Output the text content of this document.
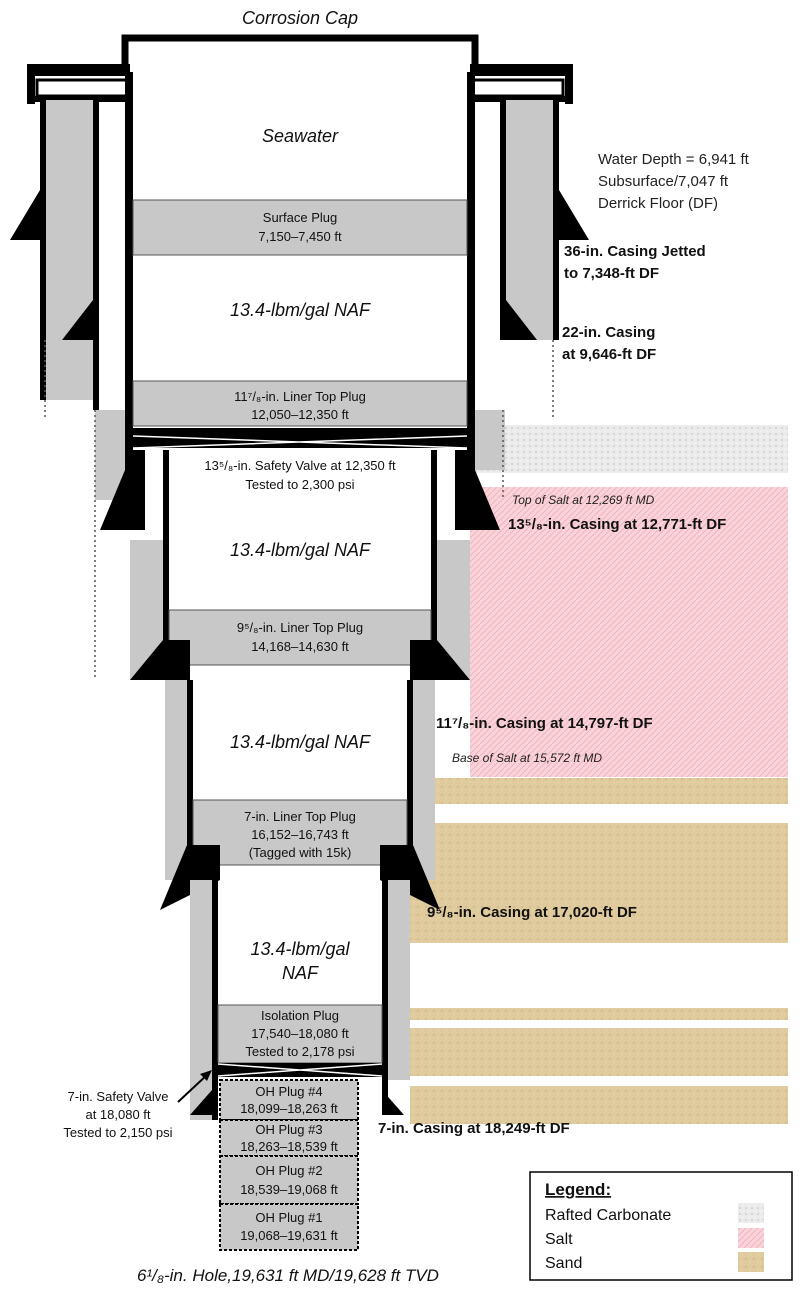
Corrosion Cap
Water Depth = 6,941 ft
Subsurface/7,047 ft
Derrick Floor (DF)
Seawater
13.4-lbm/gal NAF
13.4-lbm/gal NAF
13.4-lbm/gal NAF
13.4-lbm/gal
NAF
Surface Plug
7,150–7,450 ft
11⁷/₈-in. Liner Top Plug
12,050–12,350 ft
13⁵/₈-in. Safety Valve at 12,350 ft
Tested to 2,300 psi
9⁵/₈-in. Liner Top Plug
14,168–14,630 ft
7-in. Liner Top Plug
16,152–16,743 ft
(Tagged with 15k)
Isolation Plug
17,540–18,080 ft
Tested to 2,178 psi
OH Plug #4
18,099–18,263 ft
OH Plug #3
18,263–18,539 ft
OH Plug #2
18,539–19,068 ft
OH Plug #1
19,068–19,631 ft
7-in. Safety Valve
at 18,080 ft
Tested to 2,150 psi
36-in. Casing Jetted
to 7,348-ft DF
22-in. Casing
at 9,646-ft DF
13⁵/₈-in. Casing at 12,771-ft DF
11⁷/₈-in. Casing at 14,797-ft DF
9⁵/₈-in. Casing at 17,020-ft DF
7-in. Casing at 18,249-ft DF
Top of Salt at 12,269 ft MD
Base of Salt at 15,572 ft MD
6¹/₈-in. Hole,19,631 ft MD/19,628 ft TVD
Legend:
Rafted Carbonate
Salt
Sand
